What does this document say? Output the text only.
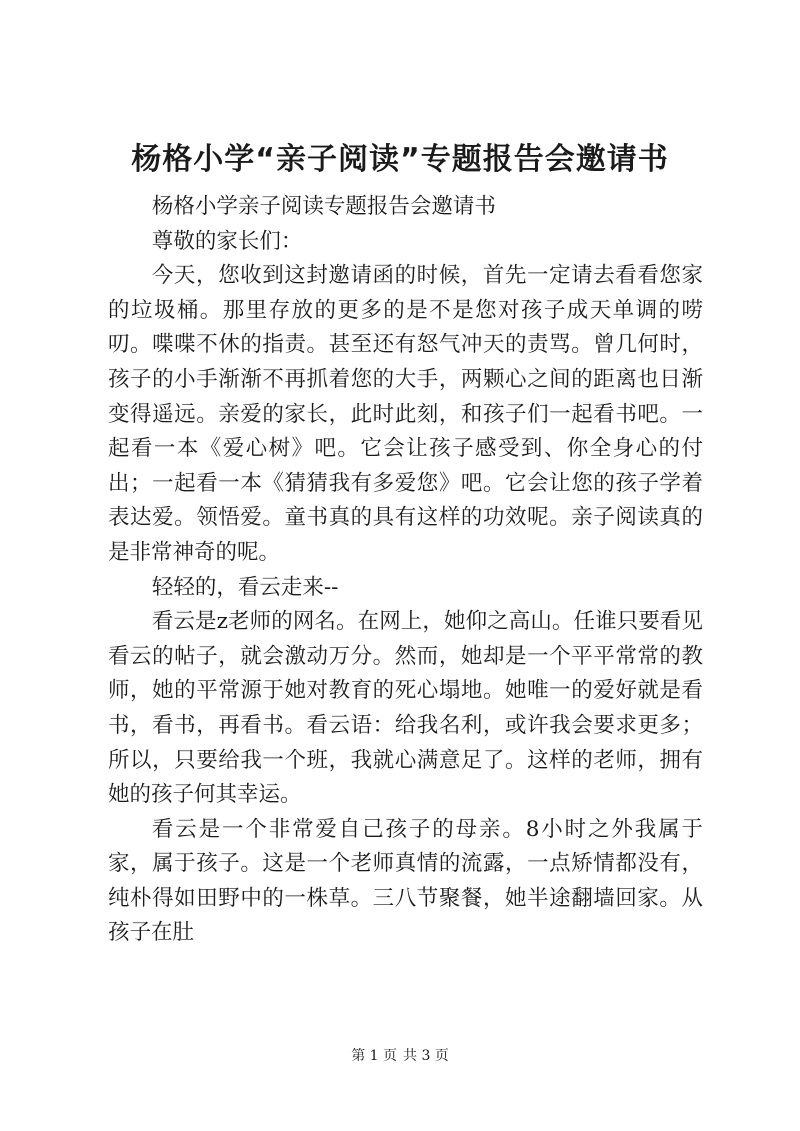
杨格小学“亲子阅读”专题报告会邀请书

杨格小学亲子阅读专题报告会邀请书

尊敬的家长们：

今天，您收到这封邀请函的时候，首先一定请去看看您家的垃圾桶。那里存放的更多的是不是您对孩子成天单调的唠叨。喋喋不休的指责。甚至还有怒气冲天的责骂。曾几何时，孩子的小手渐渐不再抓着您的大手，两颗心之间的距离也日渐变得遥远。亲爱的家长，此时此刻，和孩子们一起看书吧。一起看一本《爱心树》吧。它会让孩子感受到、你全身心的付出；一起看一本《猜猜我有多爱您》吧。它会让您的孩子学着表达爱。领悟爱。童书真的具有这样的功效呢。亲子阅读真的是非常神奇的呢。

轻轻的，看云走来--

看云是z老师的网名。在网上，她仰之高山。任谁只要看见看云的帖子，就会激动万分。然而，她却是一个平平常常的教师，她的平常源于她对教育的死心塌地。她唯一的爱好就是看书，看书，再看书。看云语：给我名利，或许我会要求更多；所以，只要给我一个班，我就心满意足了。这样的老师，拥有她的孩子何其幸运。

看云是一个非常爱自己孩子的母亲。8小时之外我属于家，属于孩子。这是一个老师真情的流露，一点矫情都没有，纯朴得如田野中的一株草。三八节聚餐，她半途翻墙回家。从孩子在肚

第 1 页 共 3 页
